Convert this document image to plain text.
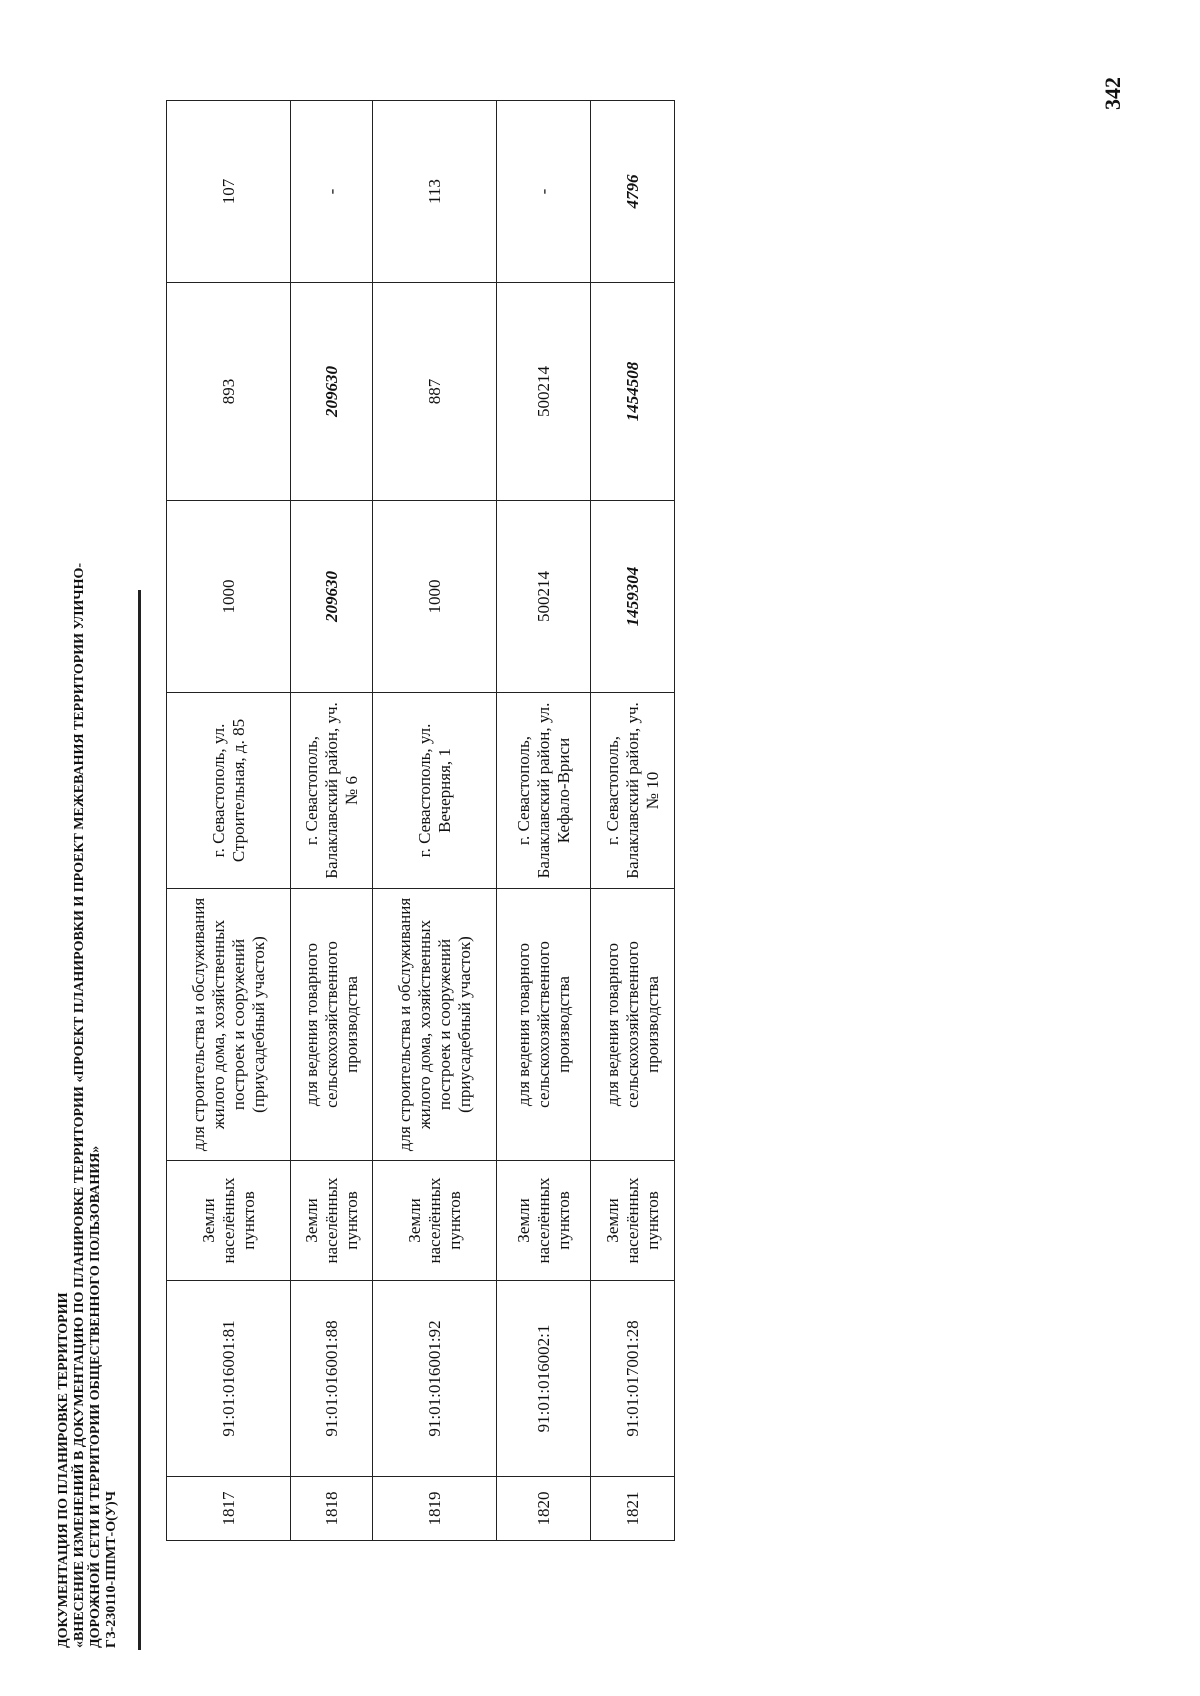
ДОКУМЕНТАЦИЯ ПО ПЛАНИРОВКЕ ТЕРРИТОРИИ «ВНЕСЕНИЕ ИЗМЕНЕНИЙ В ДОКУМЕНТАЦИЮ ПО ПЛАНИРОВКЕ ТЕРРИТОРИИ «ПРОЕКТ ПЛАНИРОВКИ И ПРОЕКТ МЕЖЕВАНИЯ ТЕРРИТОРИИ УЛИЧНО- ДОРОЖНОЙ СЕТИ И ТЕРРИТОРИИ ОБЩЕСТВЕННОГО ПОЛЬЗОВАНИЯ» ГЗ-230110-ППМТ-О(У)Ч
342
1817	91:01:016001:81	Земли населённых пунктов	для строительства и обслуживания жилого дома, хозяйственных построек и сооружений (приусадебный участок)	г. Севастополь, ул. Строительная, д. 85	1000	893	107
1818	91:01:016001:88	Земли населённых пунктов	для ведения товарного сельскохозяйственного производства	г. Севастополь, Балаклавский район, уч. № 6	209630	209630	-
1819	91:01:016001:92	Земли населённых пунктов	для строительства и обслуживания жилого дома, хозяйственных построек и сооружений (приусадебный участок)	г. Севастополь, ул. Вечерняя, 1	1000	887	113
1820	91:01:016002:1	Земли населённых пунктов	для ведения товарного сельскохозяйственного производства	г. Севастополь, Балаклавский район, ул. Кефало-Вриси	500214	500214	-
1821	91:01:017001:28	Земли населённых пунктов	для ведения товарного сельскохозяйственного производства	г. Севастополь, Балаклавский район, уч. № 10	1459304	1454508	4796
